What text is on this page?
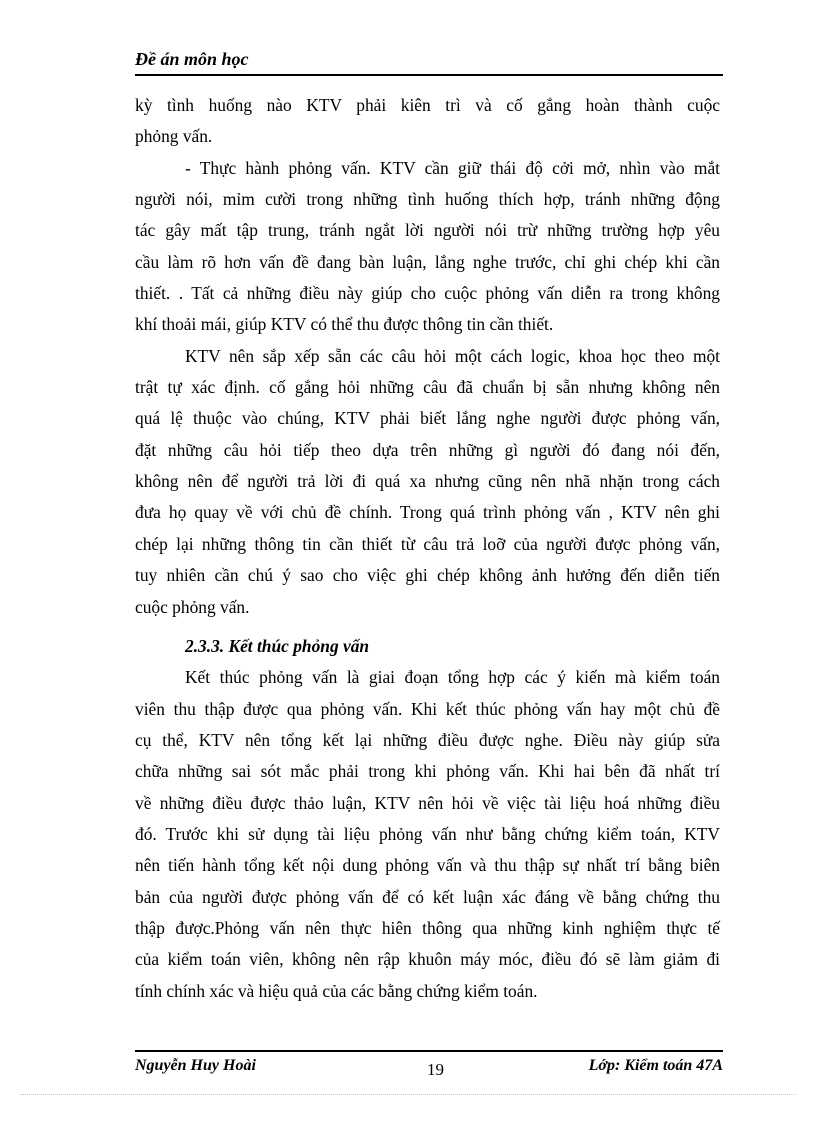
Đề án môn học
kỳ tình huống nào KTV phải kiên trì và cố gắng hoàn thành cuộc
phỏng vấn.
- Thực hành phỏng vấn. KTV cần giữ thái độ cởi mở, nhìn vào mắt
người nói, mỉm cười trong những tình huống thích hợp, tránh những động
tác gây mất tập trung, tránh ngắt lời người nói trừ những trường hợp yêu
cầu làm rõ hơn vấn đề đang bàn luận, lắng nghe trước, chỉ ghi chép khi cần
thiết. . Tất cả những điều này giúp cho cuộc phỏng vấn diễn ra trong không
khí thoải mái, giúp KTV có thể thu được thông tin cần thiết.
KTV nên sắp xếp sẵn các câu hỏi một cách logic, khoa học theo một
trật tự xác định. cố gắng hỏi những câu đã chuẩn bị sẵn nhưng không nên
quá lệ thuộc vào chúng, KTV phải biết lắng nghe người được phỏng vấn,
đặt những câu hỏi tiếp theo dựa trên những gì người đó đang nói đến,
không nên để người trả lời đi quá xa nhưng cũng nên nhã nhặn trong cách
đưa họ quay về với chủ đề chính. Trong quá trình phỏng vấn , KTV nên ghi
chép lại những thông tin cần thiết từ câu trả loỡ của người được phỏng vấn,
tuy nhiên cần chú ý sao cho việc ghi chép không ảnh hưởng đến diễn tiến
cuộc phỏng vấn.
2.3.3. Kết thúc phỏng vấn
Kết thúc phỏng vấn là giai đoạn tổng hợp các ý kiến mà kiểm toán
viên thu thập được qua phỏng vấn. Khi kết thúc phỏng vấn hay một chủ đề
cụ thể, KTV nên tổng kết lại những điều được nghe. Điều này giúp sửa
chữa những sai sót mắc phải trong khi phỏng vấn. Khi hai bên đã nhất trí
về những điều được thảo luận, KTV nên hỏi về việc tài liệu hoá những điều
đó. Trước khi sử dụng tài liệu phỏng vấn như bằng chứng kiểm toán, KTV
nên tiến hành tổng kết nội dung phỏng vấn và thu thập sự nhất trí bằng biên
bản của người được phỏng vấn để có kết luận xác đáng về bằng chứng thu
thập được.Phỏng vấn nên thực hiên thông qua những kinh nghiệm thực tế
của kiểm toán viên, không nên rập khuôn máy móc, điều đó sẽ làm giảm đi
tính chính xác và hiệu quả của các bằng chứng kiểm toán.
Nguyễn Huy Hoài	19	Lớp: Kiểm toán 47A
